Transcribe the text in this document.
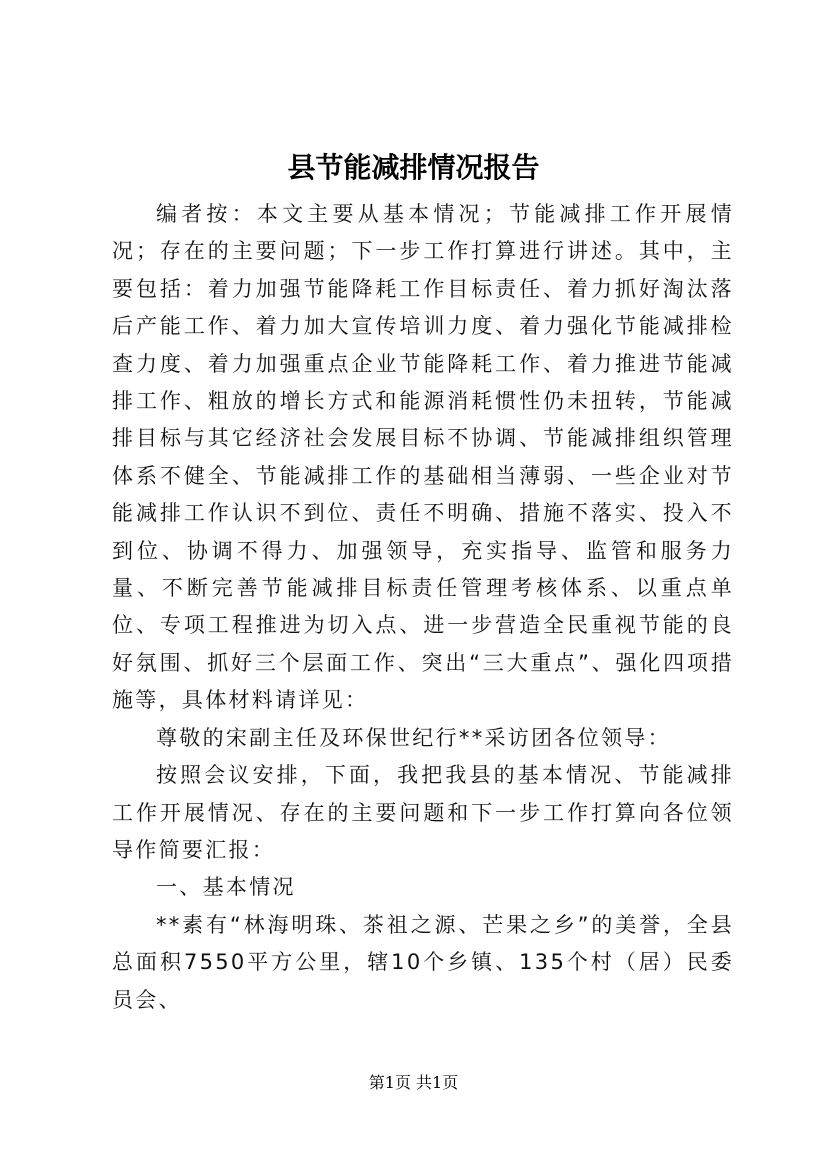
县节能减排情况报告

编者按：本文主要从基本情况；节能减排工作开展情况；存在的主要问题；下一步工作打算进行讲述。其中，主要包括：着力加强节能降耗工作目标责任、着力抓好淘汰落后产能工作、着力加大宣传培训力度、着力强化节能减排检查力度、着力加强重点企业节能降耗工作、着力推进节能减排工作、粗放的增长方式和能源消耗惯性仍未扭转，节能减排目标与其它经济社会发展目标不协调、节能减排组织管理体系不健全、节能减排工作的基础相当薄弱、一些企业对节能减排工作认识不到位、责任不明确、措施不落实、投入不到位、协调不得力、加强领导，充实指导、监管和服务力量、不断完善节能减排目标责任管理考核体系、以重点单位、专项工程推进为切入点、进一步营造全民重视节能的良好氛围、抓好三个层面工作、突出“三大重点”、强化四项措施等，具体材料请详见：

尊敬的宋副主任及环保世纪行**采访团各位领导：

按照会议安排，下面，我把我县的基本情况、节能减排工作开展情况、存在的主要问题和下一步工作打算向各位领导作简要汇报：

一、基本情况

**素有“林海明珠、茶祖之源、芒果之乡”的美誉，全县总面积7550平方公里，辖10个乡镇、135个村（居）民委员会、

第1页 共1页
